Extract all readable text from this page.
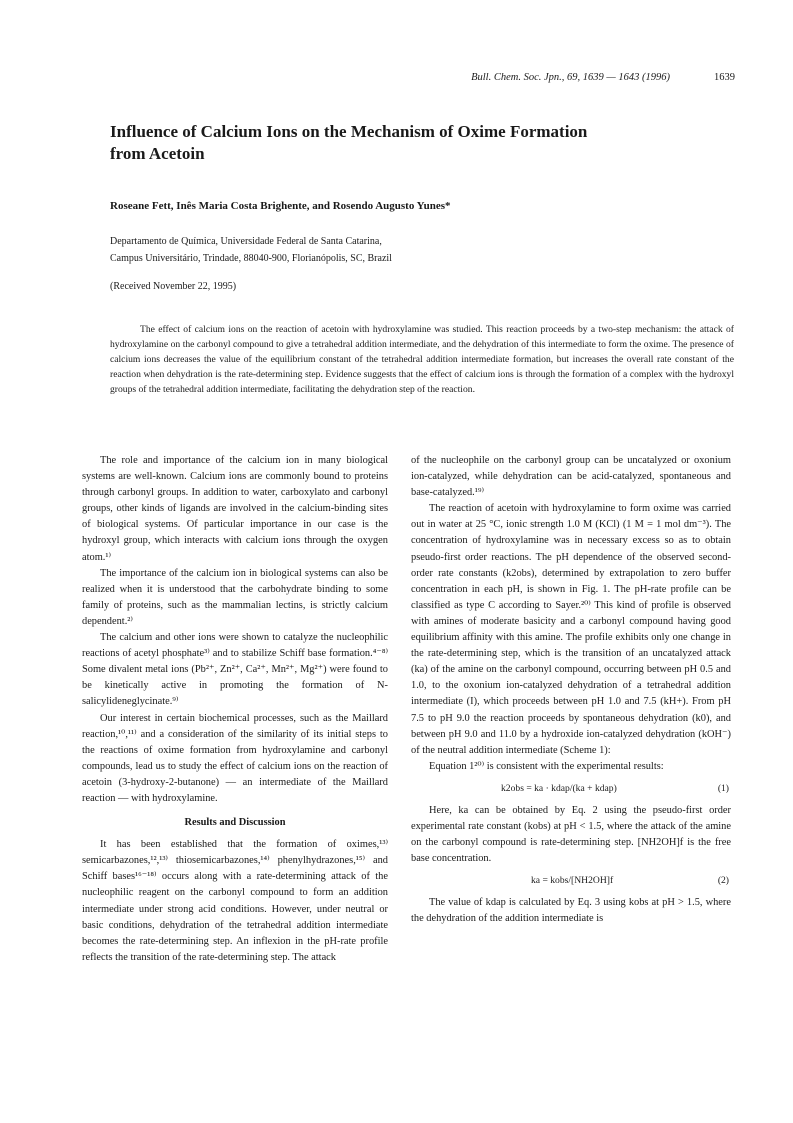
Bull. Chem. Soc. Jpn., 69, 1639 — 1643 (1996)	1639
Influence of Calcium Ions on the Mechanism of Oxime Formation
from Acetoin
Roseane Fett, Inês Maria Costa Brighente, and Rosendo Augusto Yunes*
Departamento de Química, Universidade Federal de Santa Catarina,
Campus Universitário, Trindade, 88040-900, Florianópolis, SC, Brazil
(Received November 22, 1995)
The effect of calcium ions on the reaction of acetoin with hydroxylamine was studied. This reaction proceeds by a two-step mechanism: the attack of hydroxylamine on the carbonyl compound to give a tetrahedral addition intermediate, and the dehydration of this intermediate to form the oxime. The presence of calcium ions decreases the value of the equilibrium constant of the tetrahedral addition intermediate formation, but increases the overall rate constant of the reaction when dehydration is the rate-determining step. Evidence suggests that the effect of calcium ions is through the formation of a complex with the hydroxyl groups of the tetrahedral addition intermediate, facilitating the dehydration step of the reaction.

The role and importance of the calcium ion in many biological systems are well-known. Calcium ions are commonly bound to proteins through carbonyl groups. In addition to water, carboxylato and carbonyl groups, other kinds of ligands are involved in the calcium-binding sites of biological systems. Of particular importance in our case is the hydroxyl group, which interacts with calcium ions through the oxygen atom.¹⁾

The importance of the calcium ion in biological systems can also be realized when it is understood that the carbohydrate binding to some family of proteins, such as the mammalian lectins, is strictly calcium dependent.²⁾

The calcium and other ions were shown to catalyze the nucleophilic reactions of acetyl phosphate³⁾ and to stabilize Schiff base formation.⁴⁻⁸⁾ Some divalent metal ions (Pb²⁺, Zn²⁺, Ca²⁺, Mn²⁺, Mg²⁺) were found to be kinetically active in promoting the formation of N-salicylideneglycinate.⁹⁾

Our interest in certain biochemical processes, such as the Maillard reaction,¹⁰,¹¹⁾ and a consideration of the similarity of its initial steps to the reactions of oxime formation from hydroxylamine and carbonyl compounds, lead us to study the effect of calcium ions on the reaction of acetoin (3-hydroxy-2-butanone) — an intermediate of the Maillard reaction — with hydroxylamine.

Results and Discussion

It has been established that the formation of oximes,¹³⁾ semicarbazones,¹²,¹³⁾ thiosemicarbazones,¹⁴⁾ phenylhydrazones,¹⁵⁾ and Schiff bases¹⁶⁻¹⁸⁾ occurs along with a rate-determining attack of the nucleophilic reagent on the carbonyl compound to form an addition intermediate under strong acid conditions. However, under neutral or basic conditions, dehydration of the tetrahedral addition intermediate becomes the rate-determining step. An inflexion in the pH-rate profile reflects the transition of the rate-determining step. The attack

of the nucleophile on the carbonyl group can be uncatalyzed or oxonium ion-catalyzed, while dehydration can be acid-catalyzed, spontaneous and base-catalyzed.¹⁹⁾

The reaction of acetoin with hydroxylamine to form oxime was carried out in water at 25 °C, ionic strength 1.0 M (KCl) (1 M = 1 mol dm⁻³). The concentration of hydroxylamine was in necessary excess so as to obtain pseudo-first order reactions. The pH dependence of the observed second-order rate constants (k2obs), determined by extrapolation to zero buffer concentration in each pH, is shown in Fig. 1. The pH-rate profile can be classified as type C according to Sayer.²⁰⁾ This kind of profile is observed with amines of moderate basicity and a carbonyl compound having good equilibrium affinity with this amine. The profile exhibits only one change in the rate-determining step, which is the transition of an uncatalyzed attack (ka) of the amine on the carbonyl compound, occurring between pH 0.5 and 1.0, to the oxonium ion-catalyzed dehydration of a tetrahedral addition intermediate (I), which proceeds between pH 1.0 and 7.5 (kH+). From pH 7.5 to pH 9.0 the reaction proceeds by spontaneous dehydration (k0), and between pH 9.0 and 11.0 by a hydroxide ion-catalyzed dehydration (kOH⁻) of the neutral addition intermediate (Scheme 1):

Equation 1²⁰⁾ is consistent with the experimental results:

k2obs = ka · kdap/(ka + kdap)	(1)

Here, ka can be obtained by Eq. 2 using the pseudo-first order experimental rate constant (kobs) at pH < 1.5, where the attack of the amine on the carbonyl compound is rate-determining step. [NH2OH]f is the free base concentration.

ka = kobs/[NH2OH]f	(2)

The value of kdap is calculated by Eq. 3 using kobs at pH > 1.5, where the dehydration of the addition intermediate is
